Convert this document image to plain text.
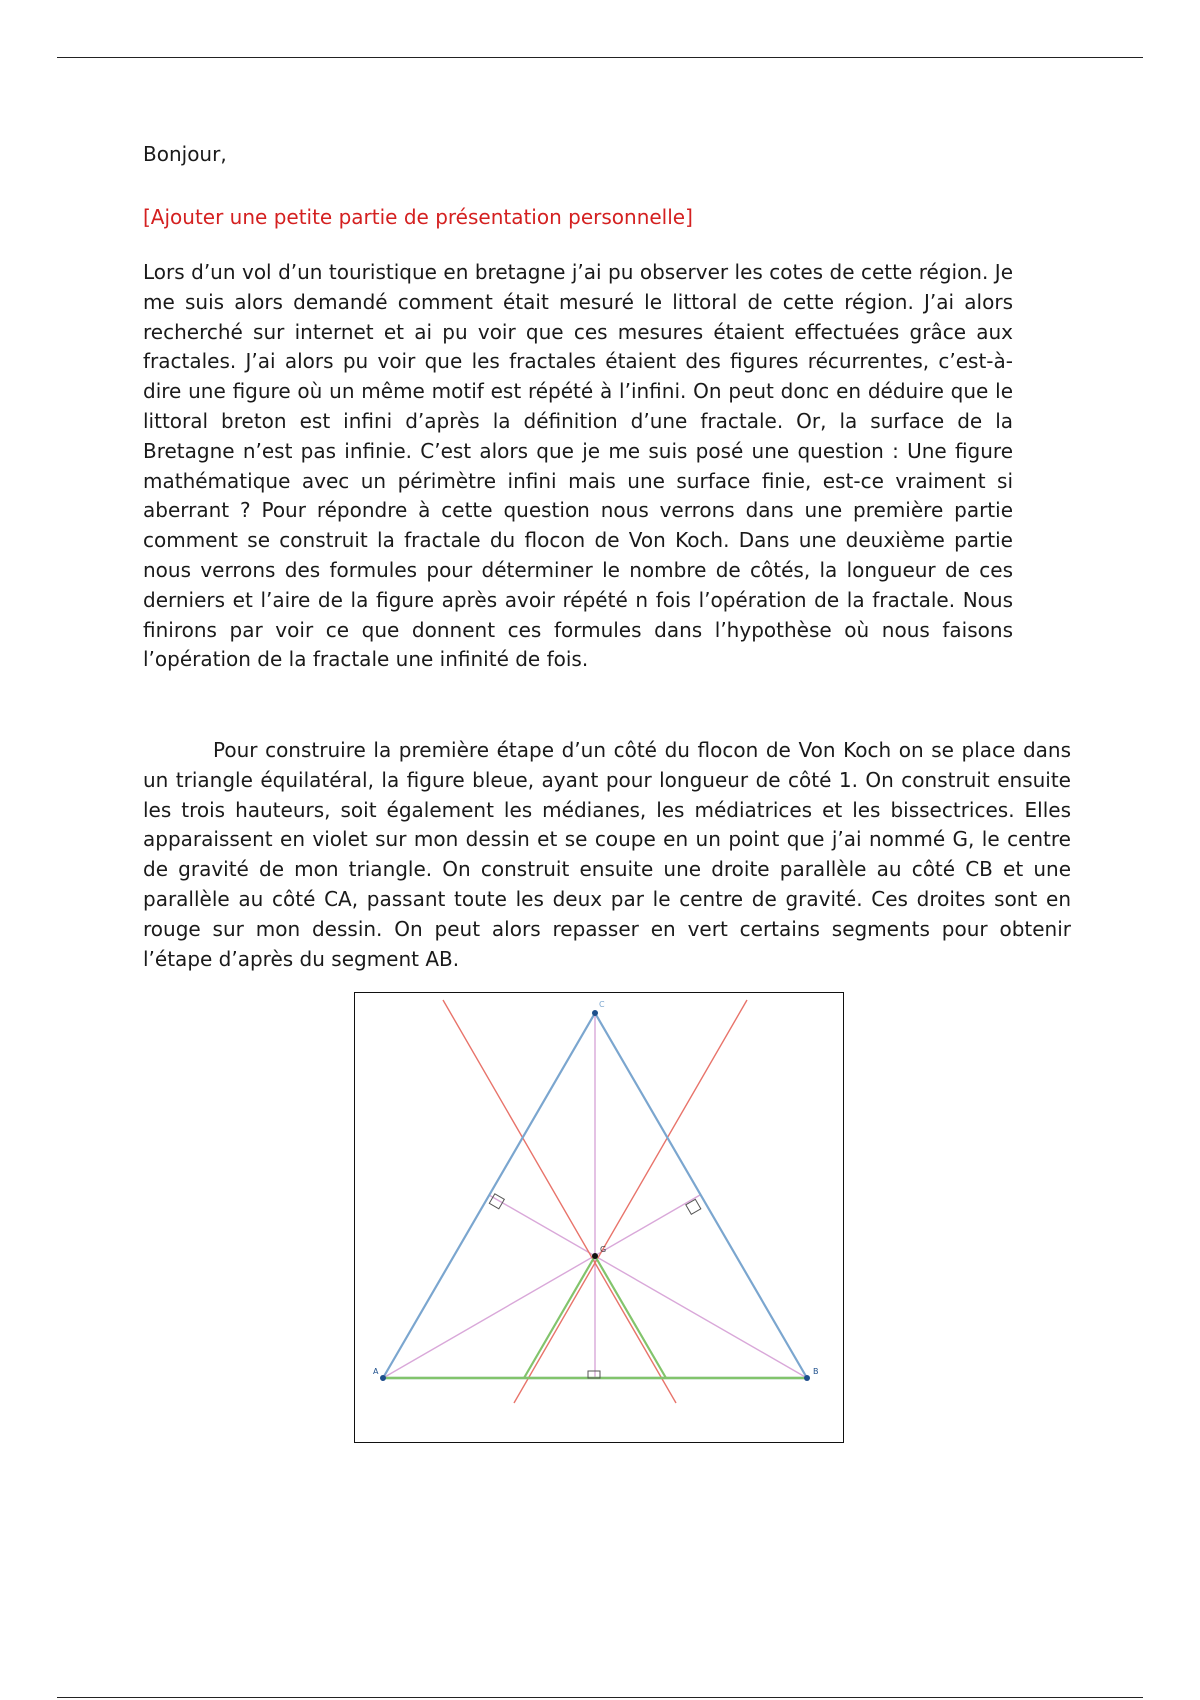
Bonjour,
[Ajouter une petite partie de présentation personnelle]
Lors d’un vol d’un touristique en bretagne j’ai pu observer les cotes de cette région. Je me suis alors demandé comment était mesuré le littoral de cette région. J’ai alors recherché sur internet et ai pu voir que ces mesures étaient effectuées grâce aux fractales. J’ai alors pu voir que les fractales étaient des figures récurrentes, c’est-à-dire une figure où un même motif est répété à l’infini. On peut donc en déduire que le littoral breton est infini d’après la définition d’une fractale. Or, la surface de la Bretagne n’est pas infinie. C’est alors que je me suis posé une question : Une figure mathématique avec un périmètre infini mais une surface finie, est-ce vraiment si aberrant ? Pour répondre à cette question nous verrons dans une première partie comment se construit la fractale du flocon de Von Koch. Dans une deuxième partie nous verrons des formules pour déterminer le nombre de côtés, la longueur de ces derniers et l’aire de la figure après avoir répété n fois l’opération de la fractale. Nous finirons par voir ce que donnent ces formules dans l’hypothèse où nous faisons l’opération de la fractale une infinité de fois.
Pour construire la première étape d’un côté du flocon de Von Koch on se place dans un triangle équilatéral, la figure bleue, ayant pour longueur de côté 1. On construit ensuite les trois hauteurs, soit également les médianes, les médiatrices et les bissectrices. Elles apparaissent en violet sur mon dessin et se coupe en un point que j’ai nommé G, le centre de gravité de mon triangle. On construit ensuite une droite parallèle au côté CB et une parallèle au côté CA, passant toute les deux par le centre de gravité. Ces droites sont en rouge sur mon dessin. On peut alors repasser en vert certains segments pour obtenir l’étape d’après du segment AB.
C
B
A
G
